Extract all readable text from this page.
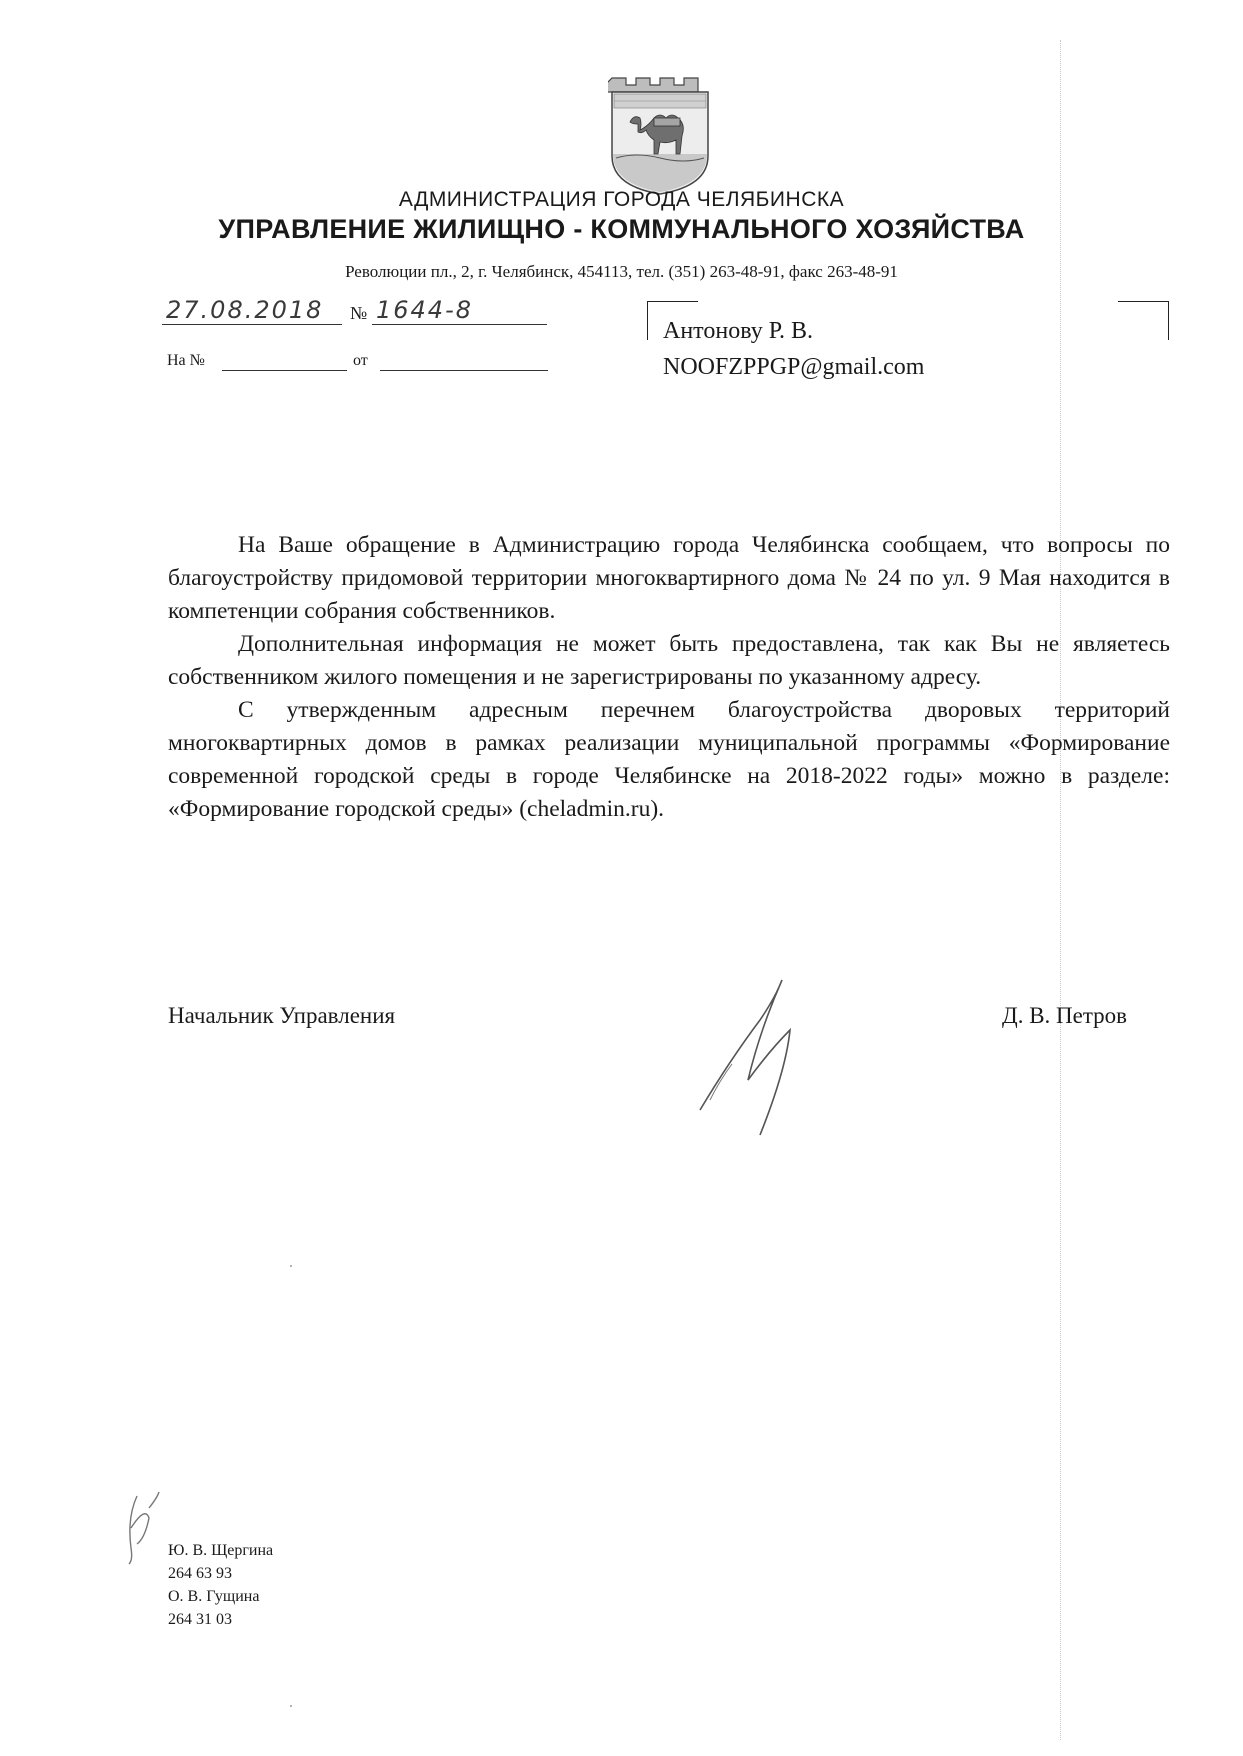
АДМИНИСТРАЦИЯ ГОРОДА ЧЕЛЯБИНСКА
УПРАВЛЕНИЕ ЖИЛИЩНО - КОММУНАЛЬНОГО ХОЗЯЙСТВА
Революции пл., 2, г. Челябинск, 454113, тел. (351) 263-48-91, факс 263-48-91
27.08.2018	№ 1644-8
На №	от
Антонову Р. В.
NOOFZPPGP@gmail.com

На Ваше обращение в Администрацию города Челябинска сообщаем, что вопросы по благоустройству придомовой территории многоквартирного дома № 24 по ул. 9 Мая находится в компетенции собрания собственников.

Дополнительная информация не может быть предоставлена, так как Вы не являетесь собственником жилого помещения и не зарегистрированы по указанному адресу.

С утвержденным адресным перечнем благоустройства дворовых территорий многоквартирных домов в рамках реализации муниципальной программы «Формирование современной городской среды в городе Челябинске на 2018-2022 годы» можно в разделе: «Формирование городской среды» (cheladmin.ru).

Начальник Управления	Д. В. Петров
Ю. В. Щергина
264 63 93
О. В. Гущина
264 31 03
